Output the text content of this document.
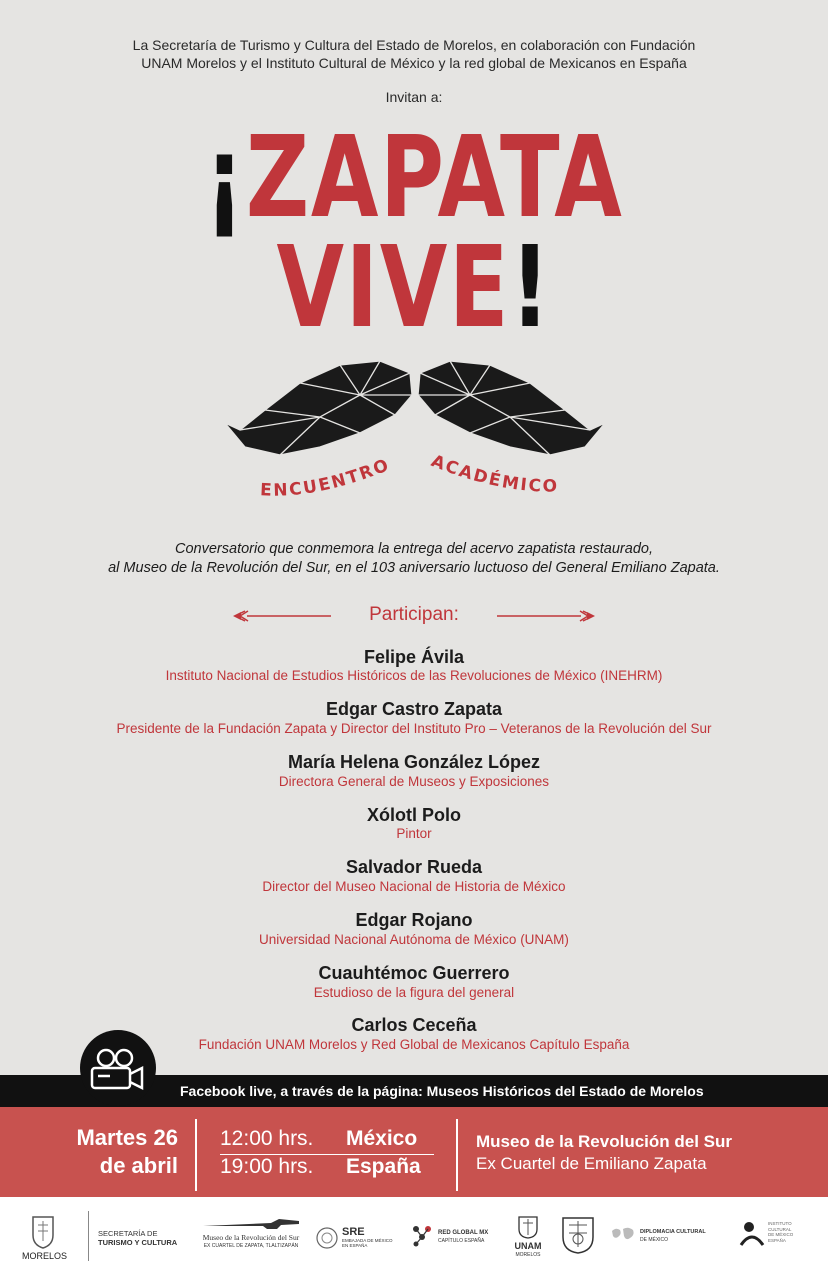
La Secretaría de Turismo y Cultura del Estado de Morelos, en colaboración con Fundación

UNAM Morelos y el Instituto Cultural de México y la red global de Mexicanos en España

Invitan a:
¡ZAPATA
VIVE!
ENCUENTRO ACADÉMICO

Conversatorio que conmemora la entrega del acervo zapatista restaurado,

al Museo de la Revolución del Sur, en el 103 aniversario luctuoso del General Emiliano Zapata.

Participan:
Felipe Ávila
Instituto Nacional de Estudios Históricos de las Revoluciones de México (INEHRM)
Edgar Castro Zapata
Presidente de la Fundación Zapata y Director del Instituto Pro – Veteranos de la Revolución del Sur
María Helena González López
Directora General de Museos y Exposiciones
Xólotl Polo
Pintor
Salvador Rueda
Director del Museo Nacional de Historia de México
Edgar Rojano
Universidad Nacional Autónoma de México (UNAM)
Cuauhtémoc Guerrero
Estudioso de la figura del general
Carlos Ceceña
Fundación UNAM Morelos y Red Global de Mexicanos Capítulo España
Facebook live, a través de la página: Museos Históricos del Estado de Morelos
Martes 26
de abril
12:00 hrs. México
19:00 hrs. España
Museo de la Revolución del Sur
Ex Cuartel de Emiliano Zapata
MORELOS
SECRETARÍA DE
TURISMO Y CULTURA
Museo de la Revolución del Sur
EX CUARTEL DE ZAPATA, TLALTIZAPÁN
SRE
EMBAJADA DE MÉXICO
EN ESPAÑA
RED GLOBAL MX
CAPÍTULO ESPAÑA	UNAM
MORELOS
DIPLOMACIA CULTURAL
DE MÉXICO
INSTITUTO
CULTURAL
DE MÉXICO
ESPAÑA
